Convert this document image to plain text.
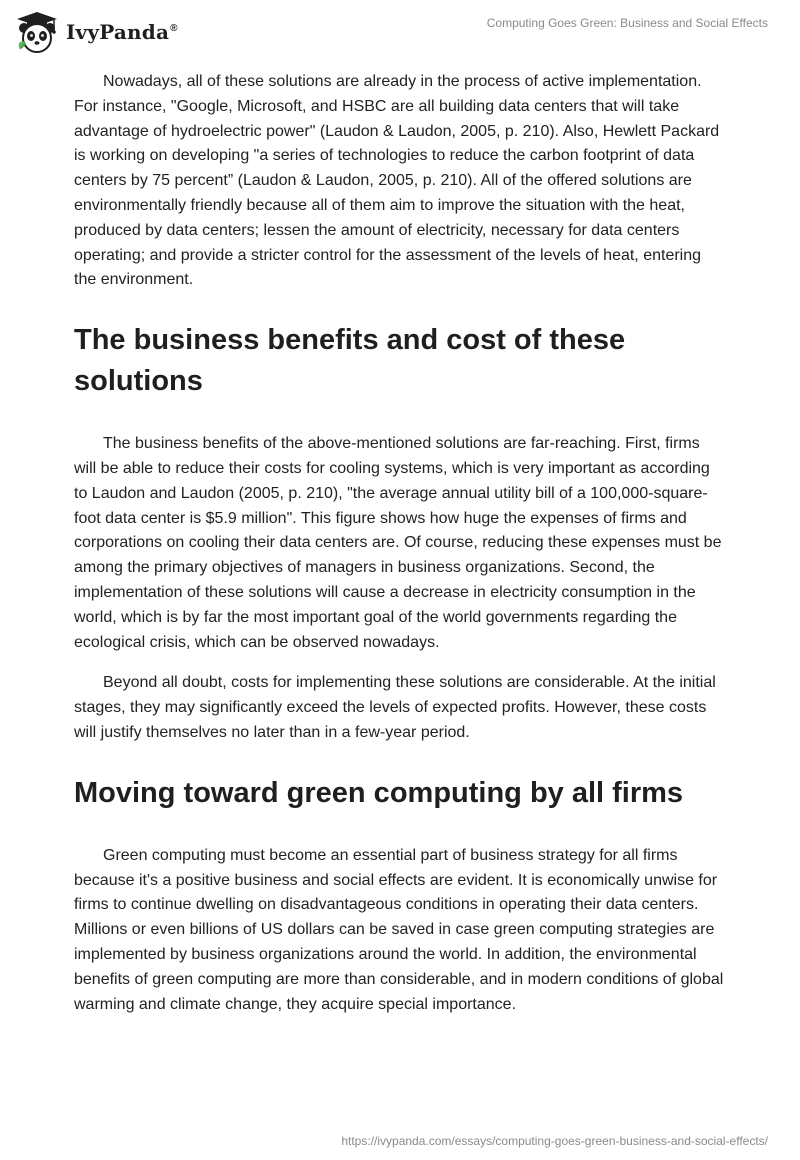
IvyPanda®	Computing Goes Green: Business and Social Effects

Nowadays, all of these solutions are already in the process of active implementation. For instance, "Google, Microsoft, and HSBC are all building data centers that will take advantage of hydroelectric power" (Laudon & Laudon, 2005, p. 210). Also, Hewlett Packard is working on developing "a series of technologies to reduce the carbon footprint of data centers by 75 percent” (Laudon & Laudon, 2005, p. 210). All of the offered solutions are environmentally friendly because all of them aim to improve the situation with the heat, produced by data centers; lessen the amount of electricity, necessary for data centers operating; and provide a stricter control for the assessment of the levels of heat, entering the environment.

The business benefits and cost of these solutions

The business benefits of the above-mentioned solutions are far-reaching. First, firms will be able to reduce their costs for cooling systems, which is very important as according to Laudon and Laudon (2005, p. 210), "the average annual utility bill of a 100,000-square-foot data center is $5.9 million". This figure shows how huge the expenses of firms and corporations on cooling their data centers are. Of course, reducing these expenses must be among the primary objectives of managers in business organizations. Second, the implementation of these solutions will cause a decrease in electricity consumption in the world, which is by far the most important goal of the world governments regarding the ecological crisis, which can be observed nowadays.

Beyond all doubt, costs for implementing these solutions are considerable. At the initial stages, they may significantly exceed the levels of expected profits. However, these costs will justify themselves no later than in a few-year period.

Moving toward green computing by all firms

Green computing must become an essential part of business strategy for all firms because it's a positive business and social effects are evident. It is economically unwise for firms to continue dwelling on disadvantageous conditions in operating their data centers. Millions or even billions of US dollars can be saved in case green computing strategies are implemented by business organizations around the world. In addition, the environmental benefits of green computing are more than considerable, and in modern conditions of global warming and climate change, they acquire special importance.

https://ivypanda.com/essays/computing-goes-green-business-and-social-effects/
